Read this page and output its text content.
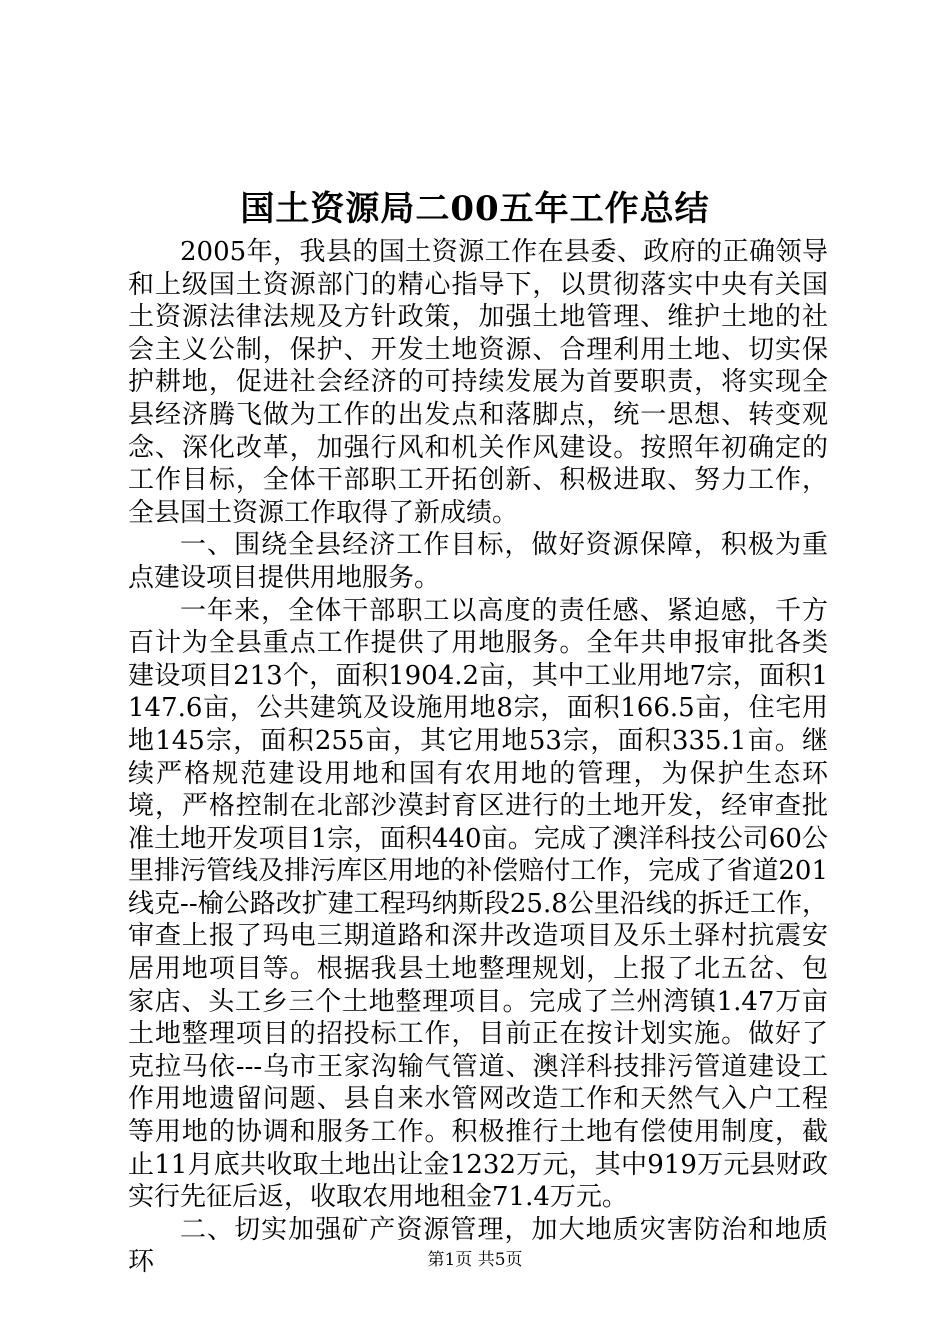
国土资源局二00五年工作总结

2005年，我县的国土资源工作在县委、政府的正确领导和上级国土资源部门的精心指导下，以贯彻落实中央有关国土资源法律法规及方针政策，加强土地管理、维护土地的社会主义公制，保护、开发土地资源、合理利用土地、切实保护耕地，促进社会经济的可持续发展为首要职责，将实现全县经济腾飞做为工作的出发点和落脚点，统一思想、转变观念、深化改革，加强行风和机关作风建设。按照年初确定的工作目标，全体干部职工开拓创新、积极进取、努力工作，全县国土资源工作取得了新成绩。

一、围绕全县经济工作目标，做好资源保障，积极为重点建设项目提供用地服务。

一年来，全体干部职工以高度的责任感、紧迫感，千方百计为全县重点工作提供了用地服务。全年共申报审批各类建设项目213个，面积1904.2亩，其中工业用地7宗，面积1147.6亩，公共建筑及设施用地8宗，面积166.5亩，住宅用地145宗，面积255亩，其它用地53宗，面积335.1亩。继续严格规范建设用地和国有农用地的管理，为保护生态环境，严格控制在北部沙漠封育区进行的土地开发，经审查批准土地开发项目1宗，面积440亩。完成了澳洋科技公司60公里排污管线及排污库区用地的补偿赔付工作，完成了省道201线克--榆公路改扩建工程玛纳斯段25.8公里沿线的拆迁工作，审查上报了玛电三期道路和深井改造项目及乐土驿村抗震安居用地项目等。根据我县土地整理规划，上报了北五岔、包家店、头工乡三个土地整理项目。完成了兰州湾镇1.47万亩土地整理项目的招投标工作，目前正在按计划实施。做好了克拉马依---乌市王家沟输气管道、澳洋科技排污管道建设工作用地遗留问题、县自来水管网改造工作和天然气入户工程等用地的协调和服务工作。积极推行土地有偿使用制度，截止11月底共收取土地出让金1232万元，其中919万元县财政实行先征后返，收取农用地租金71.4万元。

二、切实加强矿产资源管理，加大地质灾害防治和地质环	第1页 共5页
